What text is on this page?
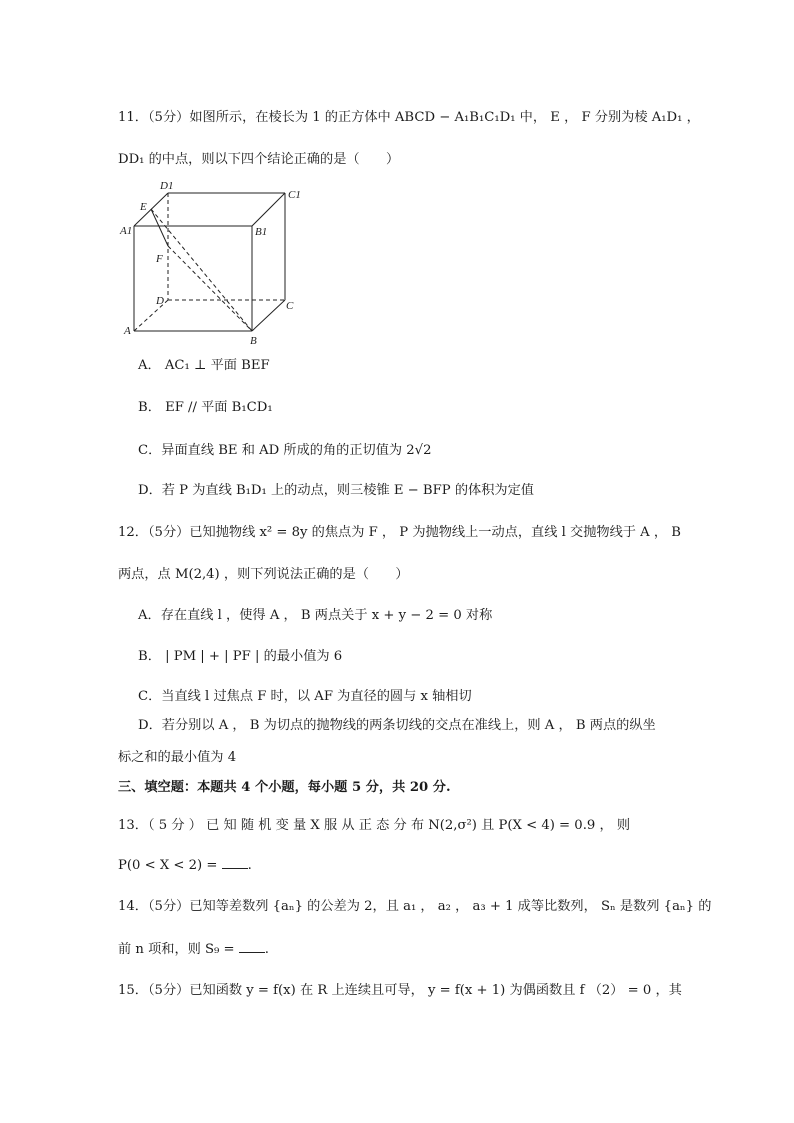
11．（5分）如图所示，在棱长为 1 的正方体中 ABCD − A₁B₁C₁D₁ 中， E ， F 分别为棱 A₁D₁ ，
DD₁ 的中点，则以下四个结论正确的是（　　）
D1
C1
E
A1	B1
F
D	C
A
B
A． AC₁ ⊥ 平面 BEF
B． EF // 平面 B₁CD₁
C．异面直线 BE 和 AD 所成的角的正切值为 2√2
D．若 P 为直线 B₁D₁ 上的动点，则三棱锥 E − BFP 的体积为定值
12．（5分）已知抛物线 x² = 8y 的焦点为 F ， P 为抛物线上一动点，直线 l 交抛物线于 A ， B
两点，点 M(2,4) ，则下列说法正确的是（　　）
A．存在直线 l ，使得 A ， B 两点关于 x + y − 2 = 0 对称
B． | PM | + | PF | 的最小值为 6
C．当直线 l 过焦点 F 时，以 AF 为直径的圆与 x 轴相切
D．若分别以 A ， B 为切点的抛物线的两条切线的交点在准线上，则 A ， B 两点的纵坐
标之和的最小值为 4
三、填空题：本题共 4 个小题，每小题 5 分，共 20 分.
13．（ 5 分 ） 已 知 随 机 变 量 X 服 从 正 态 分 布 N(2,σ²) 且 P(X < 4) = 0.9 ， 则
P(0 < X < 2) = .
14．（5分）已知等差数列 {aₙ} 的公差为 2，且 a₁ ， a₂ ， a₃ + 1 成等比数列， Sₙ 是数列 {aₙ} 的
前 n 项和，则 S₉ = .
15．（5分）已知函数 y = f(x) 在 R 上连续且可导， y = f(x + 1) 为偶函数且 f （2） = 0 ，其
